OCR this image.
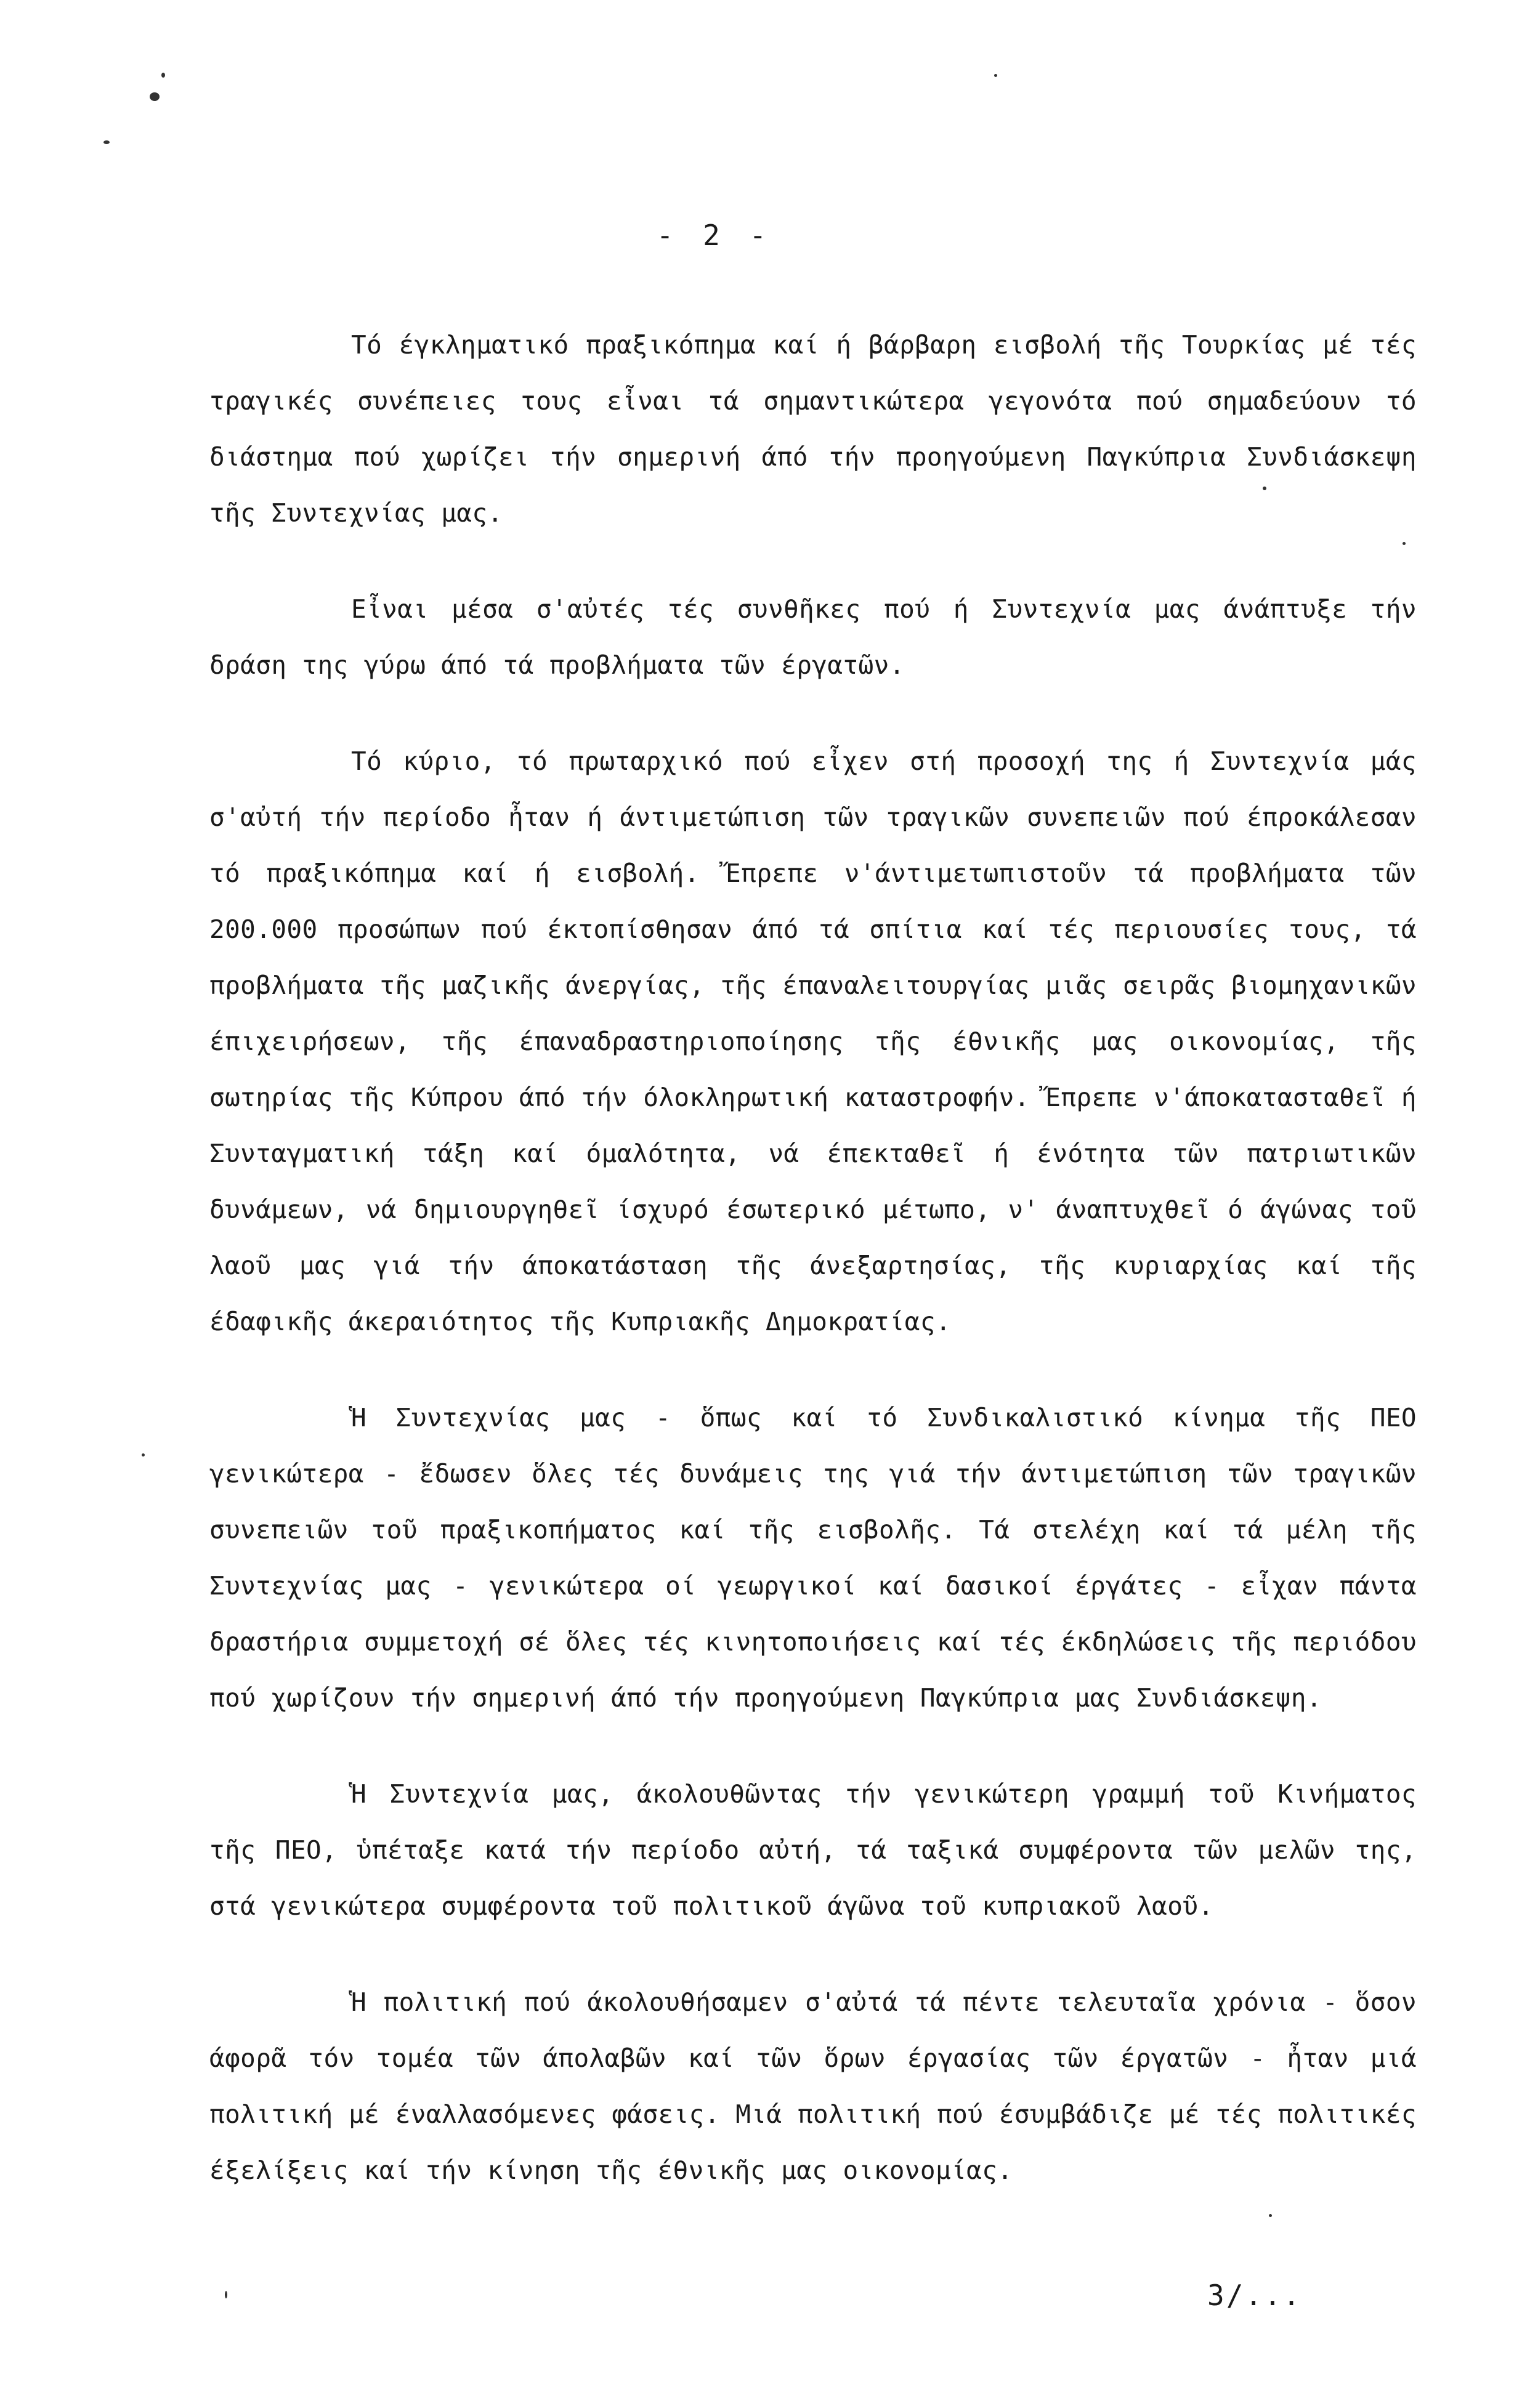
- 2 -

Τό έγκληματικό πραξικόπημα καί ή βάρβαρη εισβολή τῆς Τουρκίας μέ τές τραγικές συνέπειες τους εἶναι τά σημαντικώτερα γεγονότα πού σημαδεύουν τό διάστημα πού χωρίζει τήν σημερινή άπό τήν προηγούμενη Παγκύπρια Συνδιάσκεψη τῆς Συντεχνίας μας.

Εἶναι μέσα σ'αὐτές τές συνθῆκες πού ή Συντεχνία μας άνάπτυξε τήν δράση της γύρω άπό τά προβλήματα τῶν έργατῶν.

Τό κύριο, τό πρωταρχικό πού εἶχεν στή προσοχή της ή Συντεχνία μάς σ'αὐτή τήν περίοδο ἦταν ή άντιμετώπιση τῶν τραγικῶν συνεπειῶν πού έπροκάλεσαν τό πραξικόπημα καί ή εισβολή. Ἔπρεπε ν'άντιμετωπιστοῦν τά προβλήματα τῶν 200.000 προσώπων πού έκτοπίσθησαν άπό τά σπίτια καί τές περιουσίες τους, τά προβλήματα τῆς μαζικῆς άνεργίας, τῆς έπαναλειτουργίας μιᾶς σειρᾶς βιομηχανικῶν έπιχειρήσεων, τῆς έπαναδραστηριοποίησης τῆς έθνικῆς μας οικονομίας, τῆς σωτηρίας τῆς Κύπρου άπό τήν όλοκληρωτική καταστροφήν. Ἔπρεπε ν'άποκατασταθεῖ ή Συνταγματική τάξη καί όμαλότητα, νά έπεκταθεῖ ή ένότητα τῶν πατριωτικῶν δυνάμεων, νά δημιουργηθεῖ ίσχυρό έσωτερικό μέτωπο, ν' άναπτυχθεῖ ό άγώνας τοῦ λαοῦ μας γιά τήν άποκατάσταση τῆς άνεξαρτησίας, τῆς κυριαρχίας καί τῆς έδαφικῆς άκεραιότητος τῆς Κυπριακῆς Δημοκρατίας.

Ἡ Συντεχνίας μας - ὅπως καί τό Συνδικαλιστικό κίνημα τῆς ΠΕΟ γενικώτερα - ἔδωσεν ὅλες τές δυνάμεις της γιά τήν άντιμετώπιση τῶν τραγικῶν συνεπειῶν τοῦ πραξικοπήματος καί τῆς εισβολῆς. Τά στελέχη καί τά μέλη τῆς Συντεχνίας μας - γενικώτερα οί γεωργικοί καί δασικοί έργάτες - εἶχαν πάντα δραστήρια συμμετοχή σέ ὅλες τές κινητοποιήσεις καί τές έκδηλώσεις τῆς περιόδου πού χωρίζουν τήν σημερινή άπό τήν προηγούμενη Παγκύπρια μας Συνδιάσκεψη.

Ἡ Συντεχνία μας, άκολουθῶντας τήν γενικώτερη γραμμή τοῦ Κινήματος τῆς ΠΕΟ, ὑπέταξε κατά τήν περίοδο αὐτή, τά ταξικά συμφέροντα τῶν μελῶν της, στά γενικώτερα συμφέροντα τοῦ πολιτικοῦ άγῶνα τοῦ κυπριακοῦ λαοῦ.

Ἡ πολιτική πού άκολουθήσαμεν σ'αὐτά τά πέντε τελευταῖα χρόνια - ὅσον άφορᾶ τόν τομέα τῶν άπολαβῶν καί τῶν ὅρων έργασίας τῶν έργατῶν - ἦταν μιά πολιτική μέ έναλλασόμενες φάσεις. Μιά πολιτική πού έσυμβάδιζε μέ τές πολιτικές έξελίξεις καί τήν κίνηση τῆς έθνικῆς μας οικονομίας.

3/...
